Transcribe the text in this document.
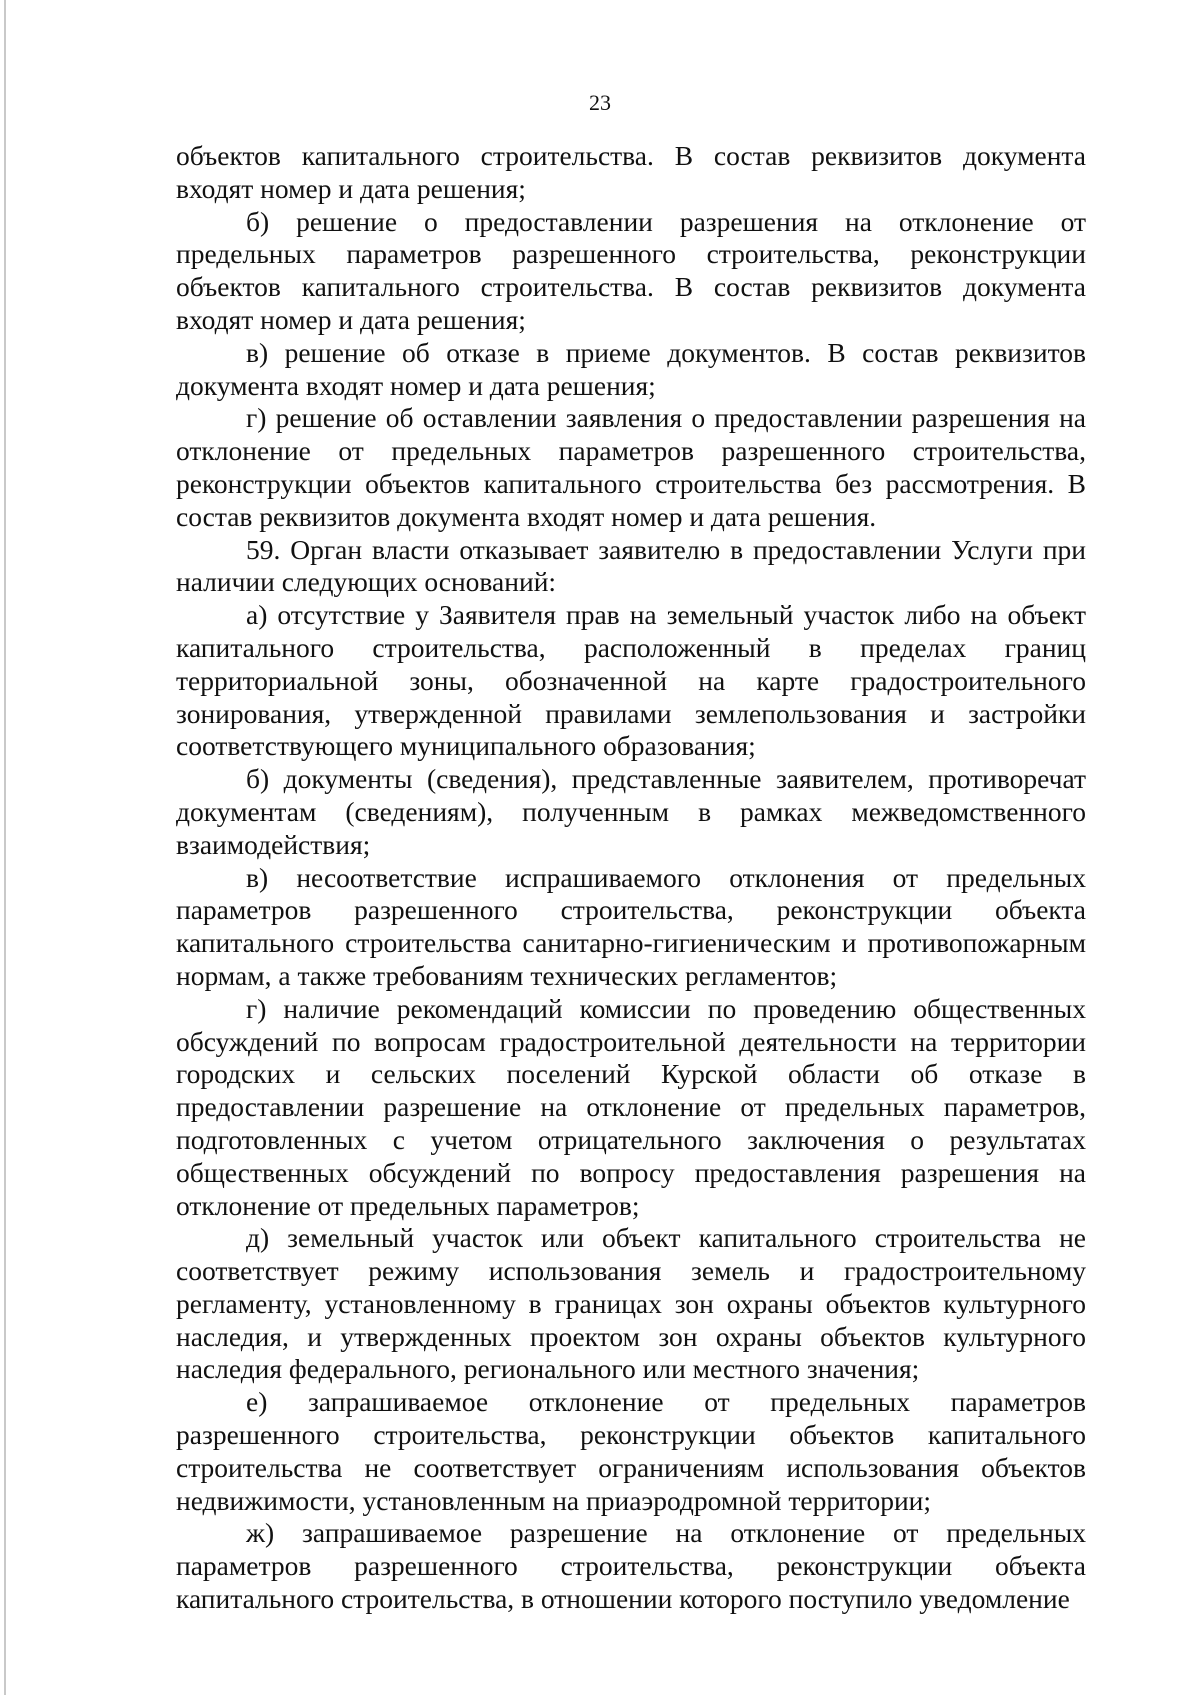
23

объектов капитального строительства. В состав реквизитов документа входят номер и дата решения;

б) решение о предоставлении разрешения на отклонение от предельных параметров разрешенного строительства, реконструкции объектов капитального строительства. В состав реквизитов документа входят номер и дата решения;

в) решение об отказе в приеме документов. В состав реквизитов документа входят номер и дата решения;

г) решение об оставлении заявления о предоставлении разрешения на отклонение от предельных параметров разрешенного строительства, реконструкции объектов капитального строительства без рассмотрения. В состав реквизитов документа входят номер и дата решения.

59. Орган власти отказывает заявителю в предоставлении Услуги при наличии следующих оснований:

а) отсутствие у Заявителя прав на земельный участок либо на объект капитального строительства, расположенный в пределах границ территориальной зоны, обозначенной на карте градостроительного зонирования, утвержденной правилами землепользования и застройки соответствующего муниципального образования;

б) документы (сведения), представленные заявителем, противоречат документам (сведениям), полученным в рамках межведомственного взаимодействия;

в) несоответствие испрашиваемого отклонения от предельных параметров разрешенного строительства, реконструкции объекта капитального строительства санитарно-гигиеническим и противопожарным нормам, а также требованиям технических регламентов;

г) наличие рекомендаций комиссии по проведению общественных обсуждений по вопросам градостроительной деятельности на территории городских и сельских поселений Курской области об отказе в предоставлении разрешение на отклонение от предельных параметров, подготовленных с учетом отрицательного заключения о результатах общественных обсуждений по вопросу предоставления разрешения на отклонение от предельных параметров;

д) земельный участок или объект капитального строительства не соответствует режиму использования земель и градостроительному регламенту, установленному в границах зон охраны объектов культурного наследия, и утвержденных проектом зон охраны объектов культурного наследия федерального, регионального или местного значения;

е) запрашиваемое отклонение от предельных параметров разрешенного строительства, реконструкции объектов капитального строительства не соответствует ограничениям использования объектов недвижимости, установленным на приаэродромной территории;

ж) запрашиваемое разрешение на отклонение от предельных параметров разрешенного строительства, реконструкции объекта капитального строительства, в отношении которого поступило уведомление
